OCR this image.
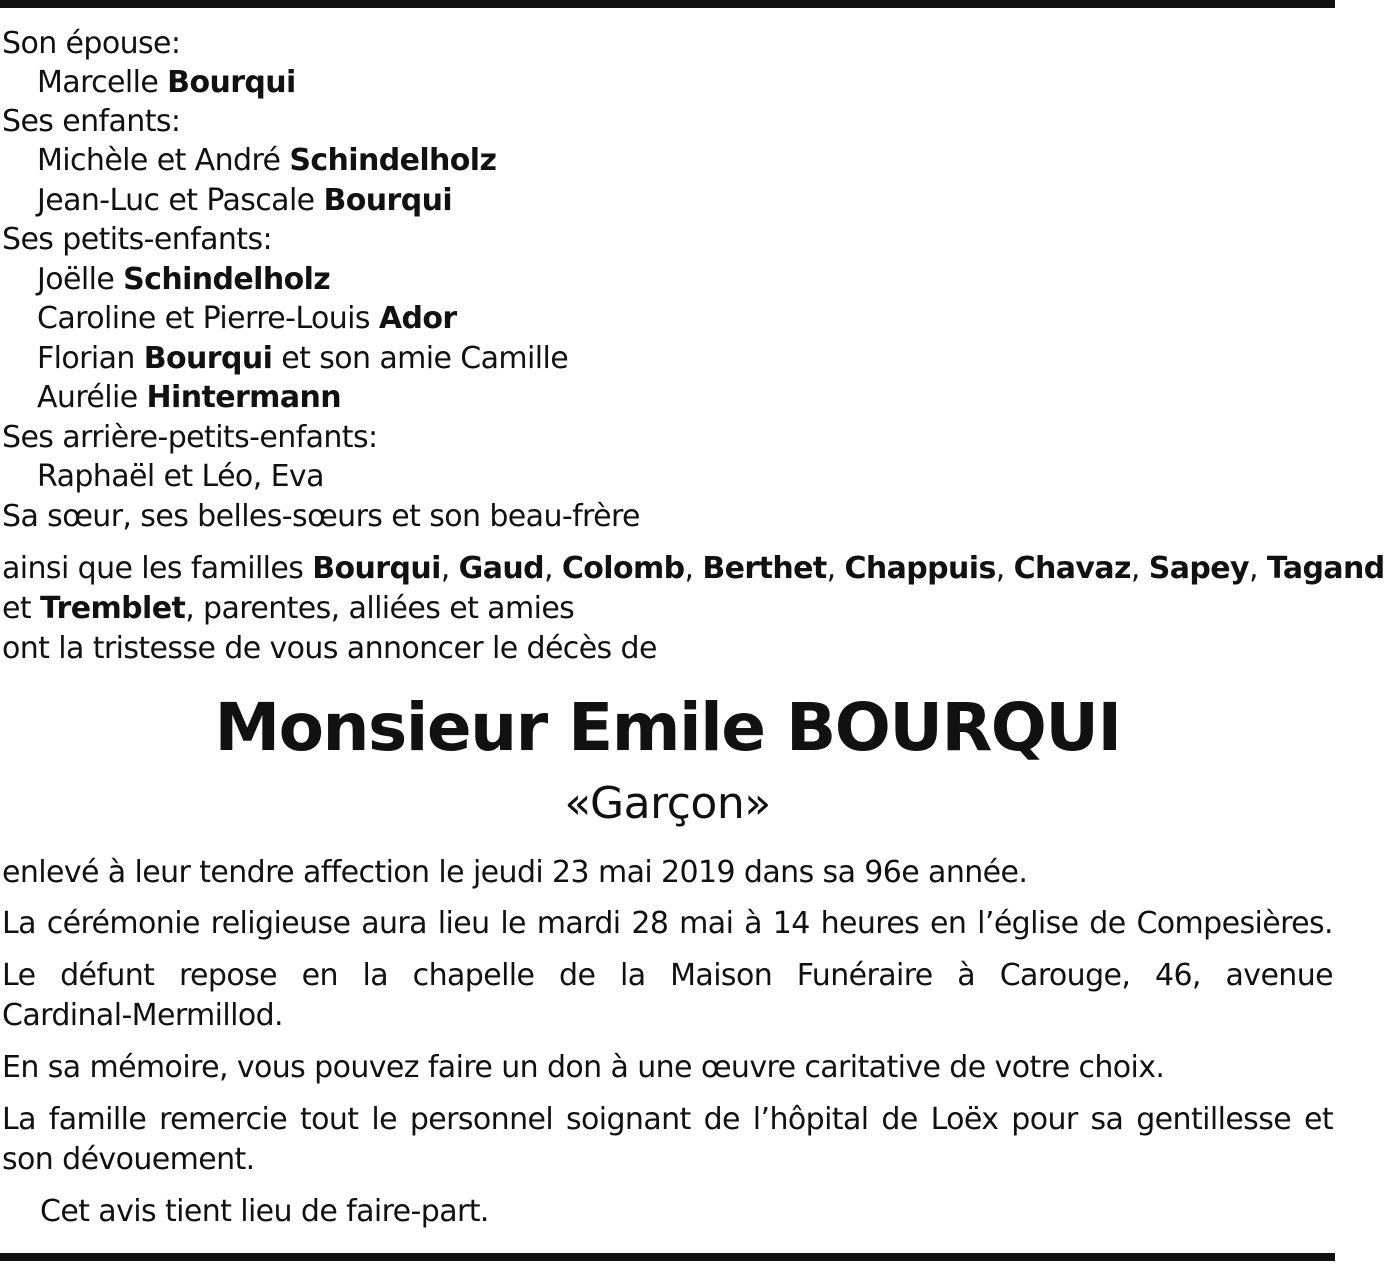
Son épouse:
Marcelle Bourqui
Ses enfants:
Michèle et André Schindelholz
Jean-Luc et Pascale Bourqui
Ses petits-enfants:
Joëlle Schindelholz
Caroline et Pierre-Louis Ador
Florian Bourqui et son amie Camille
Aurélie Hintermann
Ses arrière-petits-enfants:
Raphaël et Léo, Eva
Sa sœur, ses belles-sœurs et son beau-frère
ainsi que les familles Bourqui, Gaud, Colomb, Berthet, Chappuis, Chavaz, Sapey, Tagand
et Tremblet, parentes, alliées et amies
ont la tristesse de vous annoncer le décès de
Monsieur Emile BOURQUI
«Garçon»
enlevé à leur tendre affection le jeudi 23 mai 2019 dans sa 96e année.
La cérémonie religieuse aura lieu le mardi 28 mai à 14 heures en l’église de Compesières.
Le défunt repose en la chapelle de la Maison Funéraire à Carouge, 46, avenue
Cardinal-Mermillod.
En sa mémoire, vous pouvez faire un don à une œuvre caritative de votre choix.
La famille remercie tout le personnel soignant de l’hôpital de Loëx pour sa gentillesse et
son dévouement.
Cet avis tient lieu de faire-part.
